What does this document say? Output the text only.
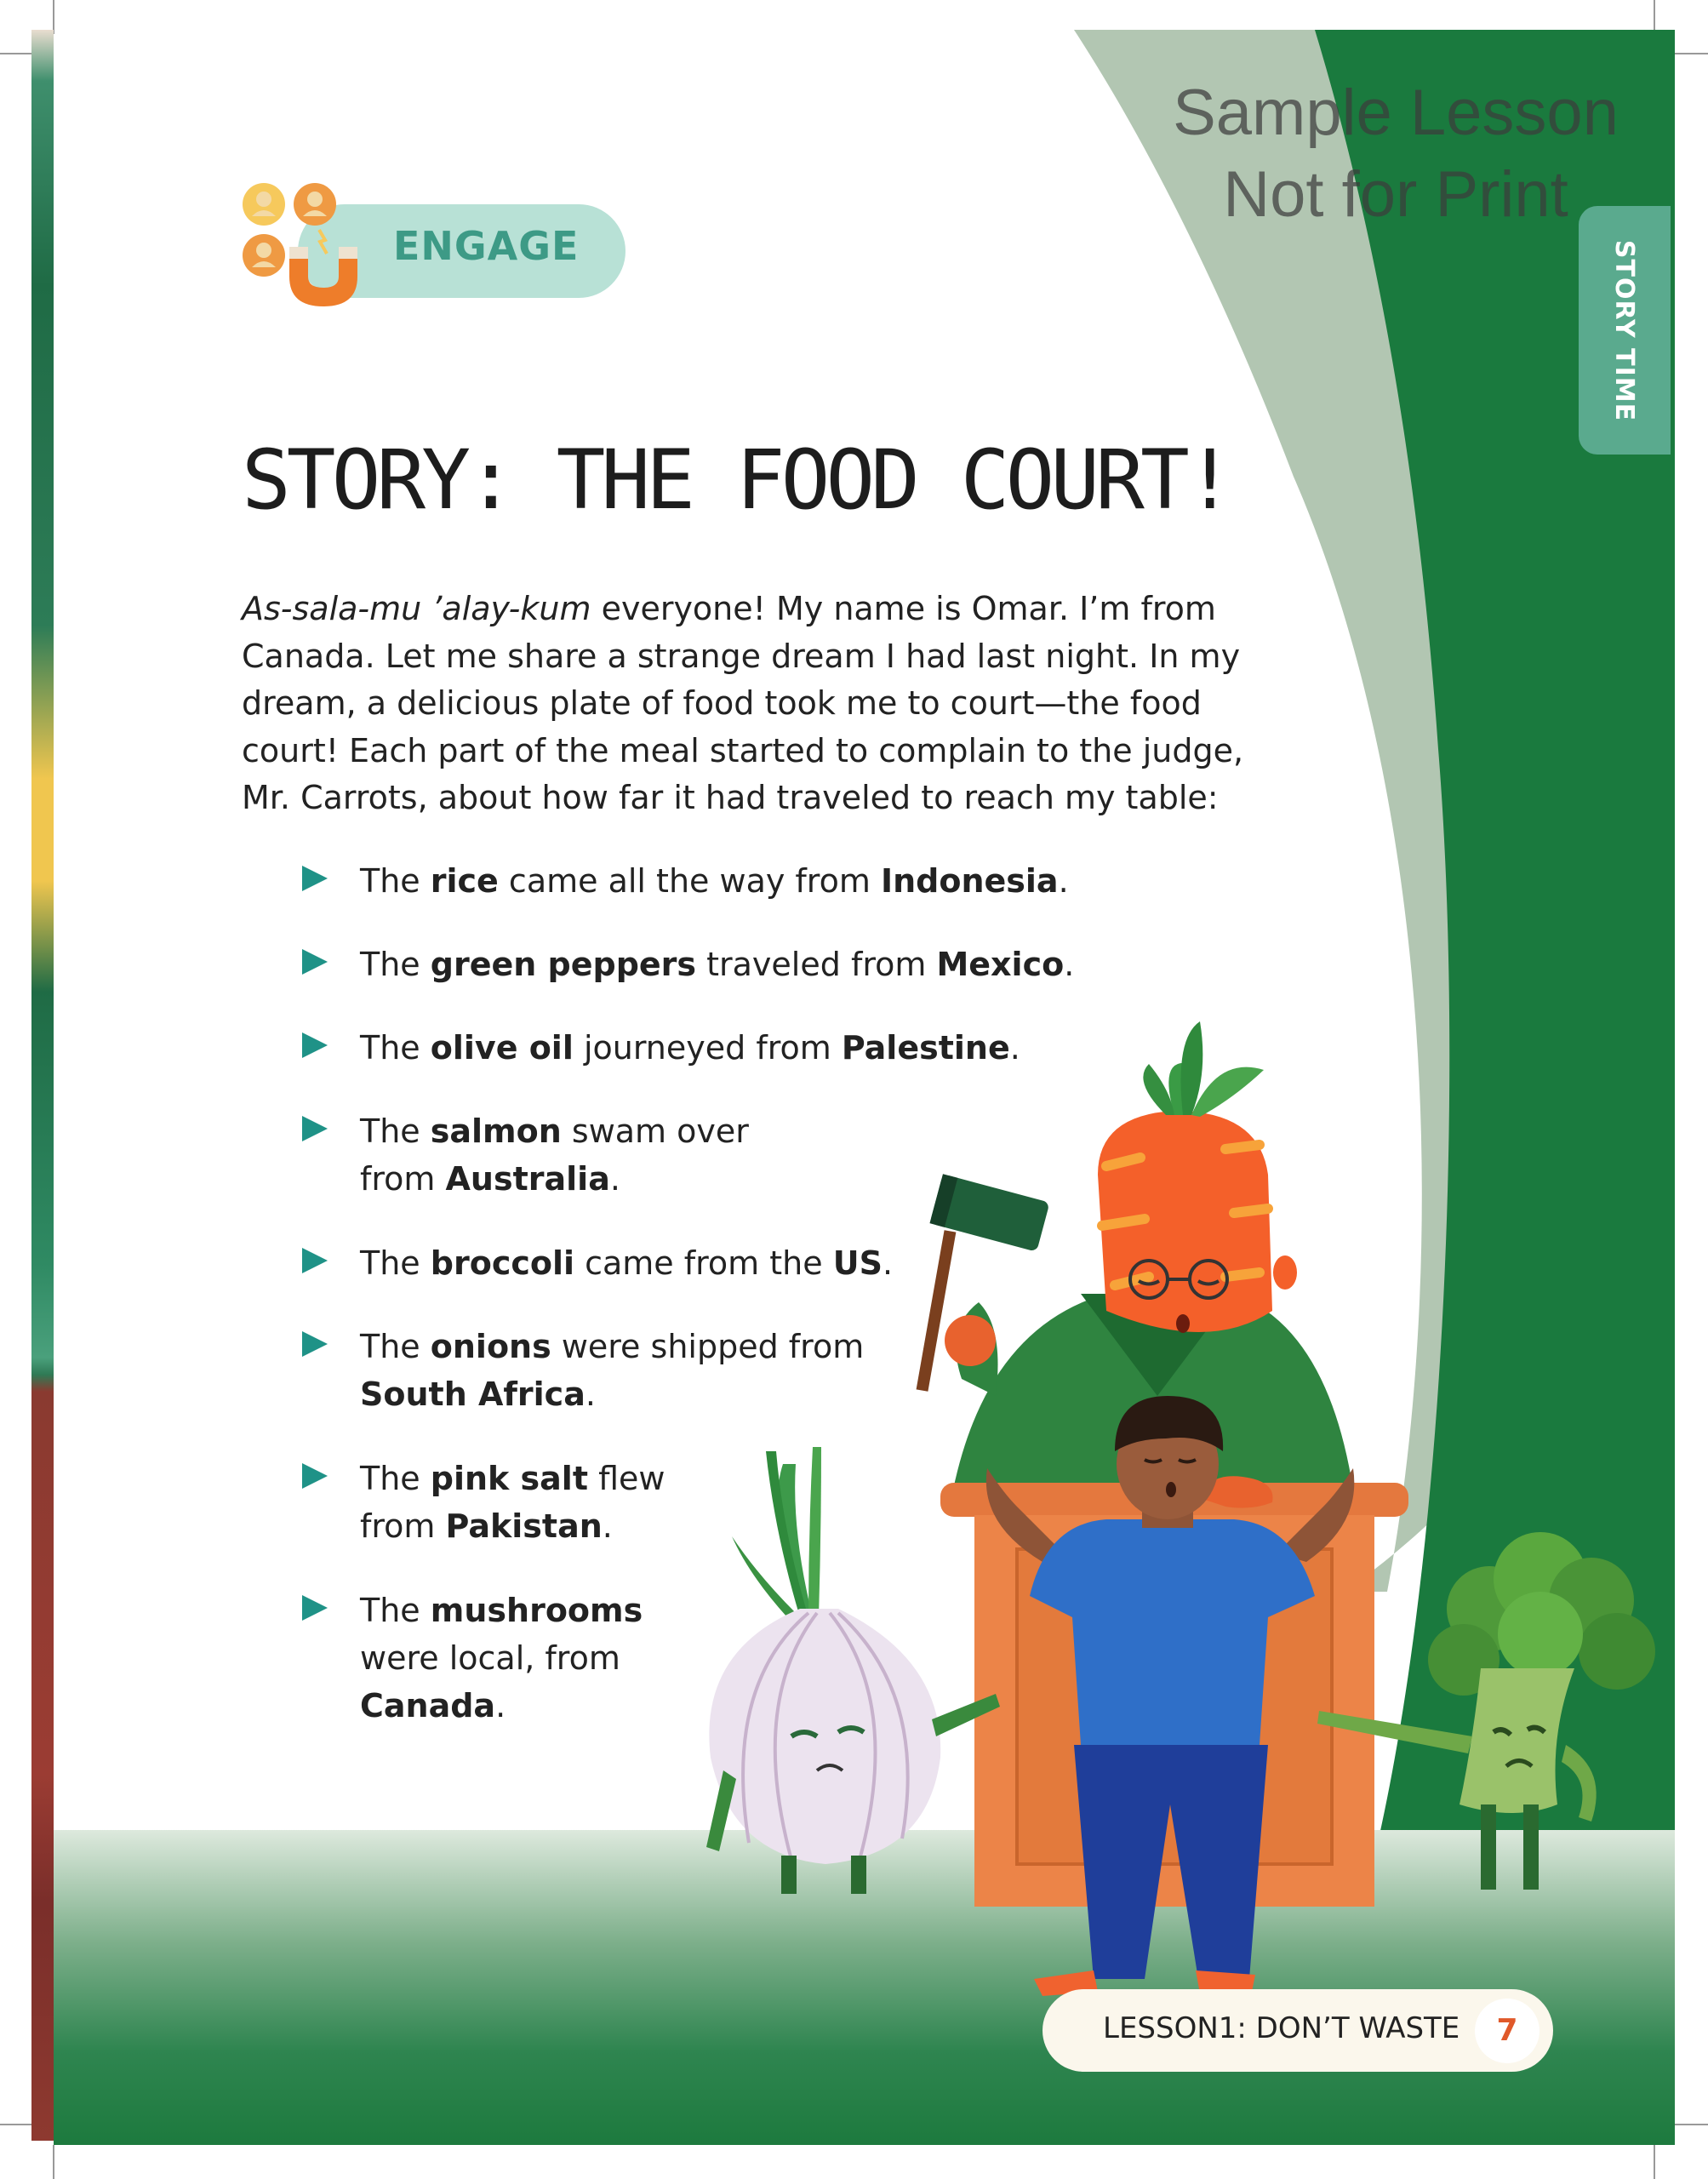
Sample Lesson
Not for Print
STORY TIME
ENGAGE
STORY: THE FOOD COURT!

As-sala-mu ’alay-kum everyone! My name is Omar. I’m from Canada. Let me share a strange dream I had last night. In my dream, a delicious plate of food took me to court—the food court! Each part of the meal started to complain to the judge, Mr. Carrots, about how far it had traveled to reach my table:

The rice came all the way from Indonesia.
The green peppers traveled from Mexico.
The olive oil journeyed from Palestine.
The salmon swam over
from Australia.
The broccoli came from the US.
The onions were shipped from
South Africa.
The pink salt flew
from Pakistan.
The mushrooms
were local, from
Canada.
LESSON1: DON’T WASTE	7
